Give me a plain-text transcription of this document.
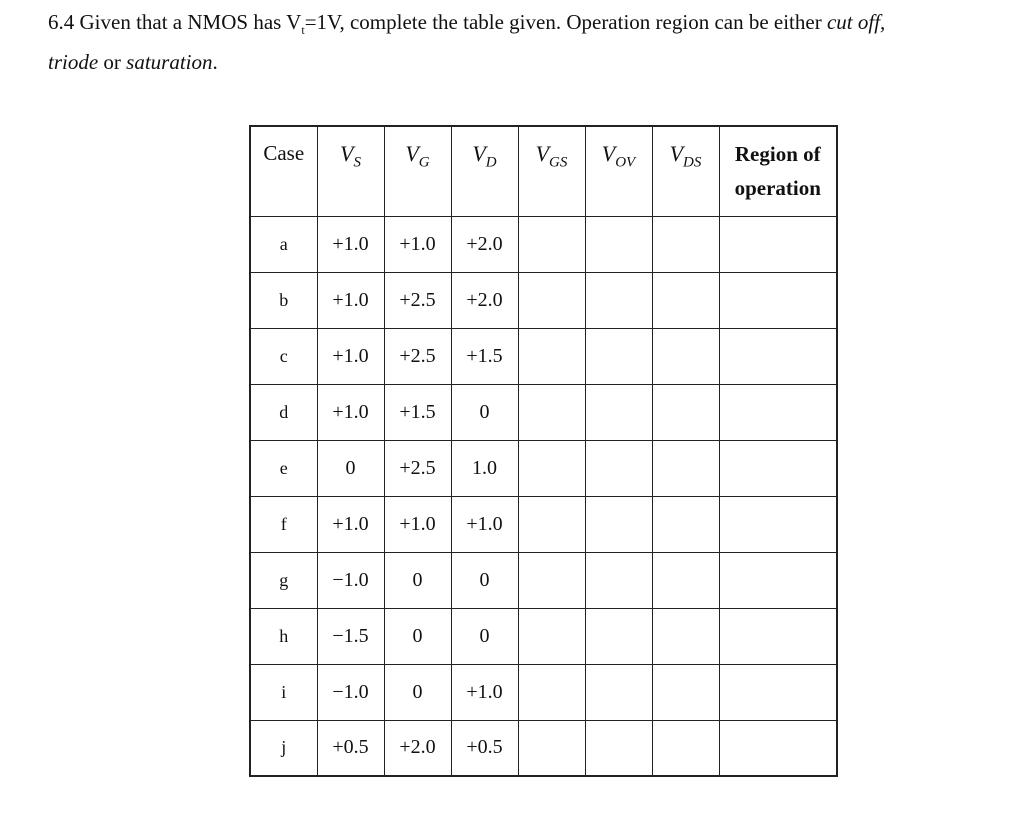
6.4 Given that a NMOS has $V_t=1V$, complete the table given. Operation region can be either cut off,
triode or saturation.
Case	$V_S$	$V_G$	$V_D$	$V_{GS}$	$V_{OV}$	$V_{DS}$	Region of
operation
a	+1.0	+1.0	+2.0				
b	+1.0	+2.5	+2.0				
c	+1.0	+2.5	+1.5				
d	+1.0	+1.5	0				
e	0	+2.5	1.0				
f	+1.0	+1.0	+1.0				
g	−1.0	0	0				
h	−1.5	0	0				
i	−1.0	0	+1.0				
j	+0.5	+2.0	+0.5				
